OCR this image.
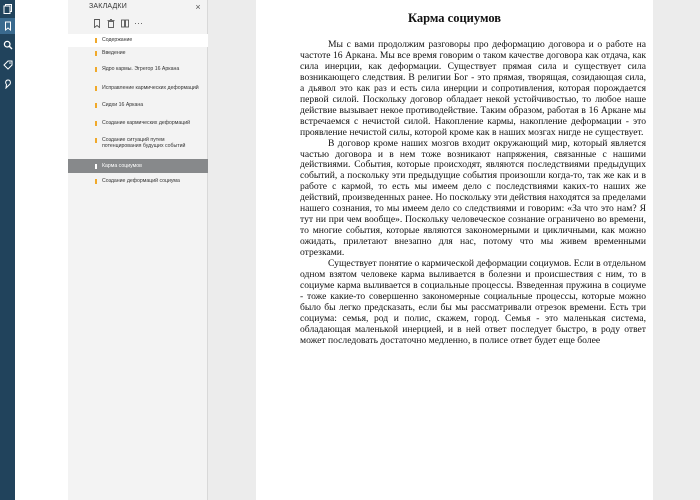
ЗАКЛАДКИ	×
···
Содержание
Введение
Ядро кармы. Эгрегор 16 Аркана
Исправление кармических деформаций
Сидхи 16 Аркана
Создание кармических деформаций
Создание ситуаций путем потенцирования будущих событий
Карма социумов
Создание деформаций социума
Карма социумов

Мы с вами продолжим разговоры про деформацию договора и о работе на частоте 16 Аркана. Мы все время говорим о таком качестве договора как отдача, как сила инерции, как деформации. Существует прямая сила и существует сила возникающего следствия. В религии Бог - это прямая, творящая, созидающая сила, а дьявол это как раз и есть сила инерции и сопротивления, которая порождается первой силой. Поскольку договор обладает некой устойчивостью, то любое наше действие вызывает некое противодействие. Таким образом, работая в 16 Аркане мы встречаемся с нечистой силой. Накопление кармы, накопление деформации - это проявление нечистой силы, которой кроме как в наших мозгах нигде не существует.

В договор кроме наших мозгов входит окружающий мир, который является частью договора и в нем тоже возникают напряжения, связанные с нашими действиями. События, которые происходят, являются последствиями предыдущих событий, а поскольку эти предыдущие события произошли когда-то, так же как и в работе с кармой, то есть мы имеем дело с последствиями каких-то наших же действий, произведенных ранее. Но поскольку эти действия находятся за пределами нашего сознания, то мы имеем дело со следствиями и говорим: «За что это нам? Я тут ни при чем вообще». Поскольку человеческое сознание ограничено во времени, то многие события, которые являются закономерными и цикличными, как можно ожидать, прилетают внезапно для нас, потому что мы живем временными отрезками.

Существует понятие о кармической деформации социумов. Если в отдельном одном взятом человеке карма выливается в болезни и происшествия с ним, то в социуме карма выливается в социальные процессы. Взведенная пружина в социуме - тоже какие-то совершенно закономерные социальные процессы, которые можно было бы легко предсказать, если бы мы рассматривали отрезок времени. Есть три социума: семья, род и полис, скажем, город. Семья - это маленькая система, обладающая маленькой инерцией, и в ней ответ последует быстро, в роду ответ может последовать достаточно медленно, в полисе ответ будет еще более
